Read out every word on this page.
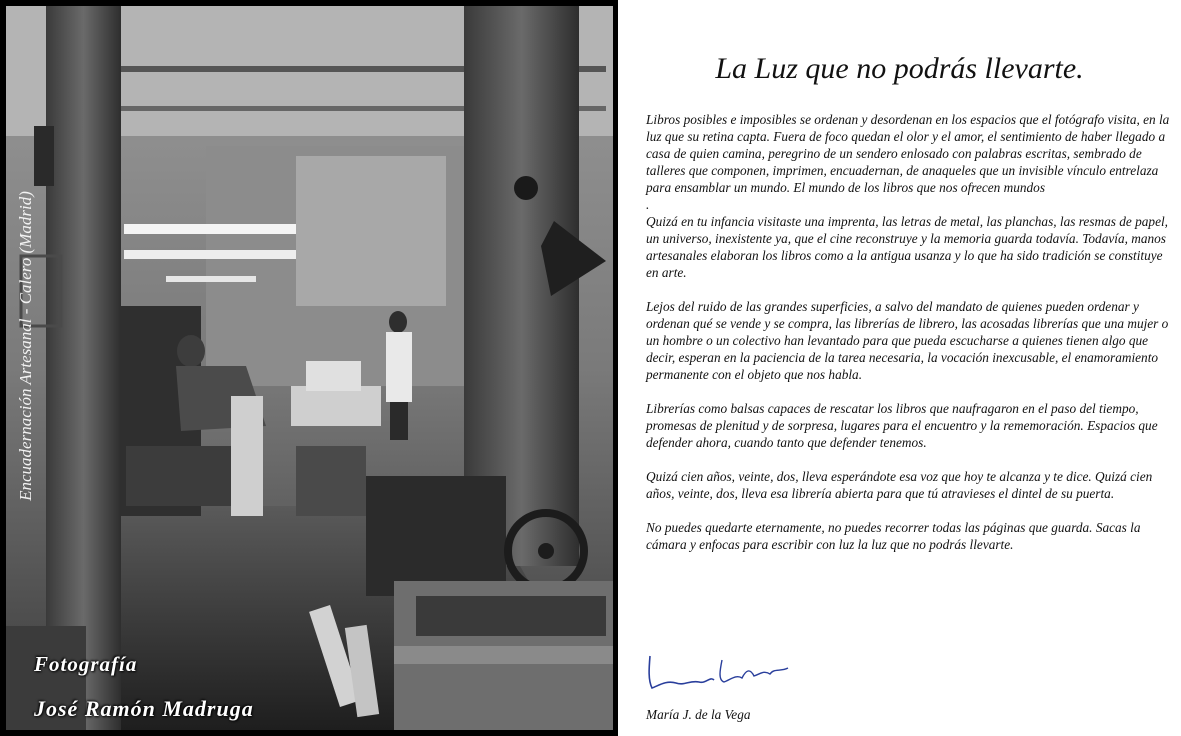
Encuadernación Artesanal - Calero (Madrid)
Fotografía
José Ramón Madruga
La Luz que no podrás llevarte.

Libros posibles e imposibles se ordenan y desordenan en los espacios que el fotógrafo visita, en la luz que su retina capta. Fuera de foco quedan el olor y el amor, el sentimiento de haber llegado a casa de quien camina, peregrino de un sendero enlosado con palabras escritas, sembrado de talleres que componen, imprimen, encuadernan, de anaqueles que un invisible vínculo entrelaza para ensamblar un mundo. El mundo de los libros que nos ofrecen mundos

.

Quizá en tu infancia visitaste una imprenta, las letras de metal, las planchas, las resmas de papel, un universo, inexistente ya, que el cine reconstruye y la memoria guarda todavía. Todavía, manos artesanales elaboran los libros como a la antigua usanza y lo que ha sido tradición se constituye en arte.

Lejos del ruido de las grandes superficies, a salvo del mandato de quienes pueden ordenar y ordenan qué se vende y se compra, las librerías de librero, las acosadas librerías que una mujer o un hombre o un colectivo han levantado para que pueda escucharse a quienes tienen algo que decir, esperan en la paciencia de la tarea necesaria, la vocación inexcusable, el enamoramiento permanente con el objeto que nos habla.

Librerías como balsas capaces de rescatar los libros que naufragaron en el paso del tiempo, promesas de plenitud y de sorpresa, lugares para el encuentro y la rememoración. Espacios que defender ahora, cuando tanto que defender tenemos.

Quizá cien años, veinte, dos, lleva esperándote esa voz que hoy te alcanza y te dice. Quizá cien años, veinte, dos, lleva esa librería abierta para que tú atravieses el dintel de su puerta.

No puedes quedarte eternamente, no puedes recorrer todas las páginas que guarda. Sacas la cámara y enfocas para escribir con luz la luz que no podrás llevarte.

María J. de la Vega
